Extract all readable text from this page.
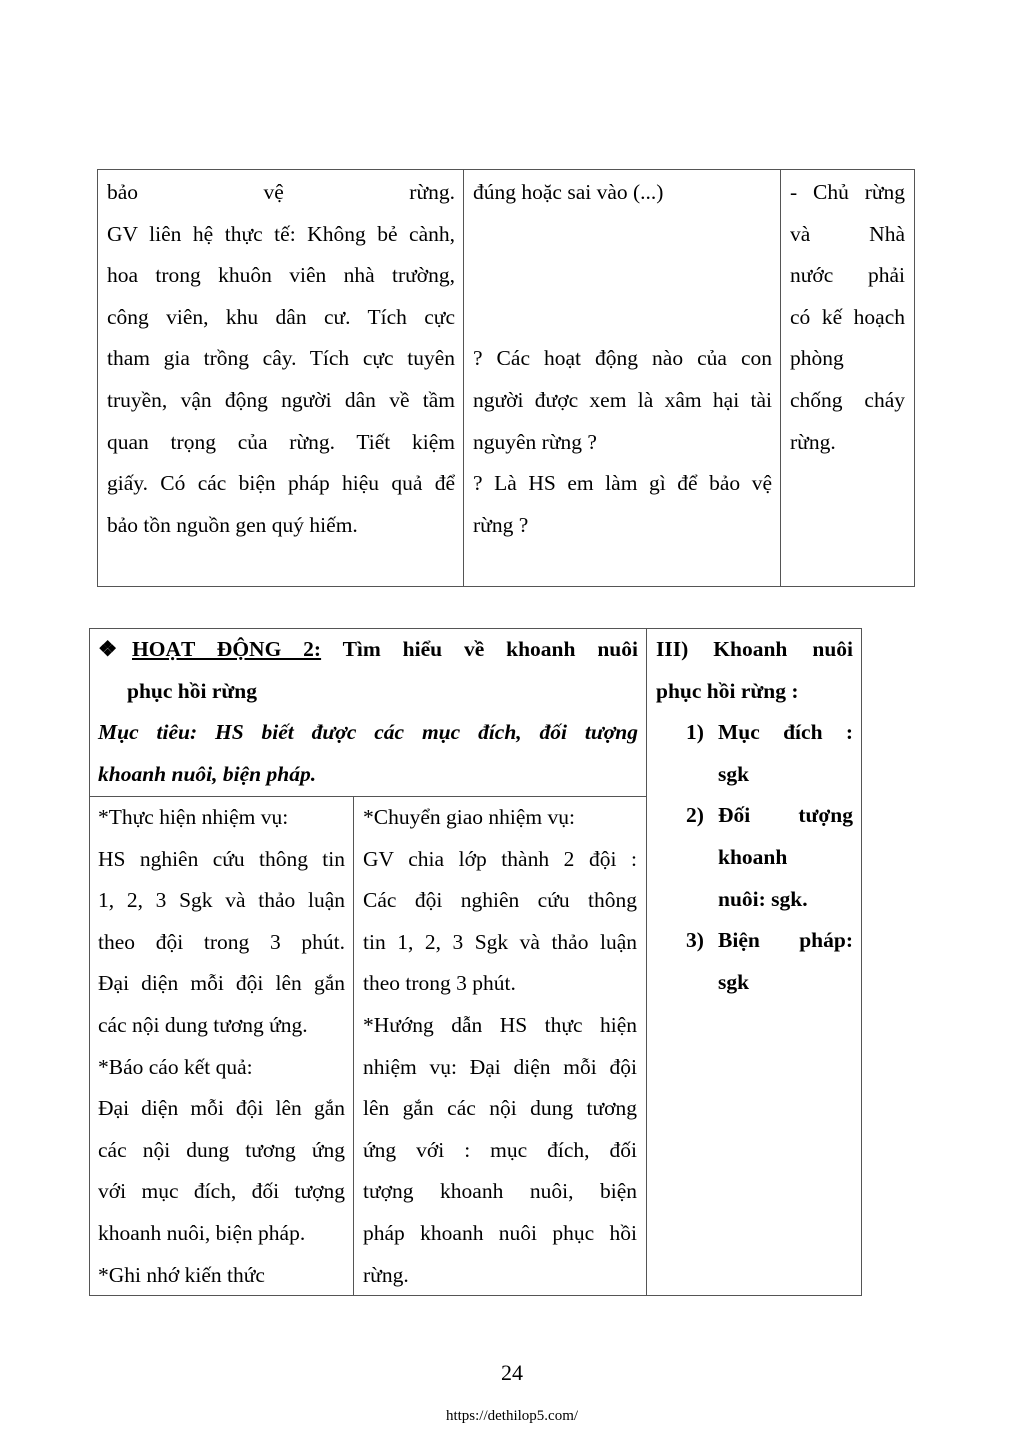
bảo vệ rừng.
GV liên hệ thực tế: Không bẻ cành,
hoa trong khuôn viên nhà trường,
công viên, khu dân cư. Tích cực
tham gia trồng cây. Tích cực tuyên
truyền, vận động người dân về tầm
quan trọng của rừng. Tiết kiệm
giấy. Có các biện pháp hiệu quả để
bảo tồn nguồn gen quý hiếm.
đúng hoặc sai vào (...)
? Các hoạt động nào của con
người được xem là xâm hại tài
nguyên rừng ?
? Là HS em làm gì để bảo vệ
rừng ?
- Chủ rừng
và Nhà
nước phải
có kế hoạch
phòng
chống cháy
rừng.
❖ HOẠT ĐỘNG 2: Tìm hiểu về khoanh nuôi
phục hồi rừng
Mục tiêu: HS biết được các mục đích, đối tượng
khoanh nuôi, biện pháp.
III) Khoanh nuôi
phục hồi rừng :
1) Mục đích :
sgk
2) Đối tượng
khoanh
nuôi: sgk.
3) Biện pháp:
sgk
*Thực hiện nhiệm vụ:
HS nghiên cứu thông tin
1, 2, 3 Sgk và thảo luận
theo đội trong 3 phút.
Đại diện mỗi đội lên gắn
các nội dung tương ứng.
*Báo cáo kết quả:
Đại diện mỗi đội lên gắn
các nội dung tương ứng
với mục đích, đối tượng
khoanh nuôi, biện pháp.
*Ghi nhớ kiến thức
*Chuyển giao nhiệm vụ:
GV chia lớp thành 2 đội :
Các đội nghiên cứu thông
tin 1, 2, 3 Sgk và thảo luận
theo trong 3 phút.
*Hướng dẫn HS thực hiện
nhiệm vụ: Đại diện mỗi đội
lên gắn các nội dung tương
ứng với : mục đích, đối
tượng khoanh nuôi, biện
pháp khoanh nuôi phục hồi
rừng.
24
https://dethilop5.com/
